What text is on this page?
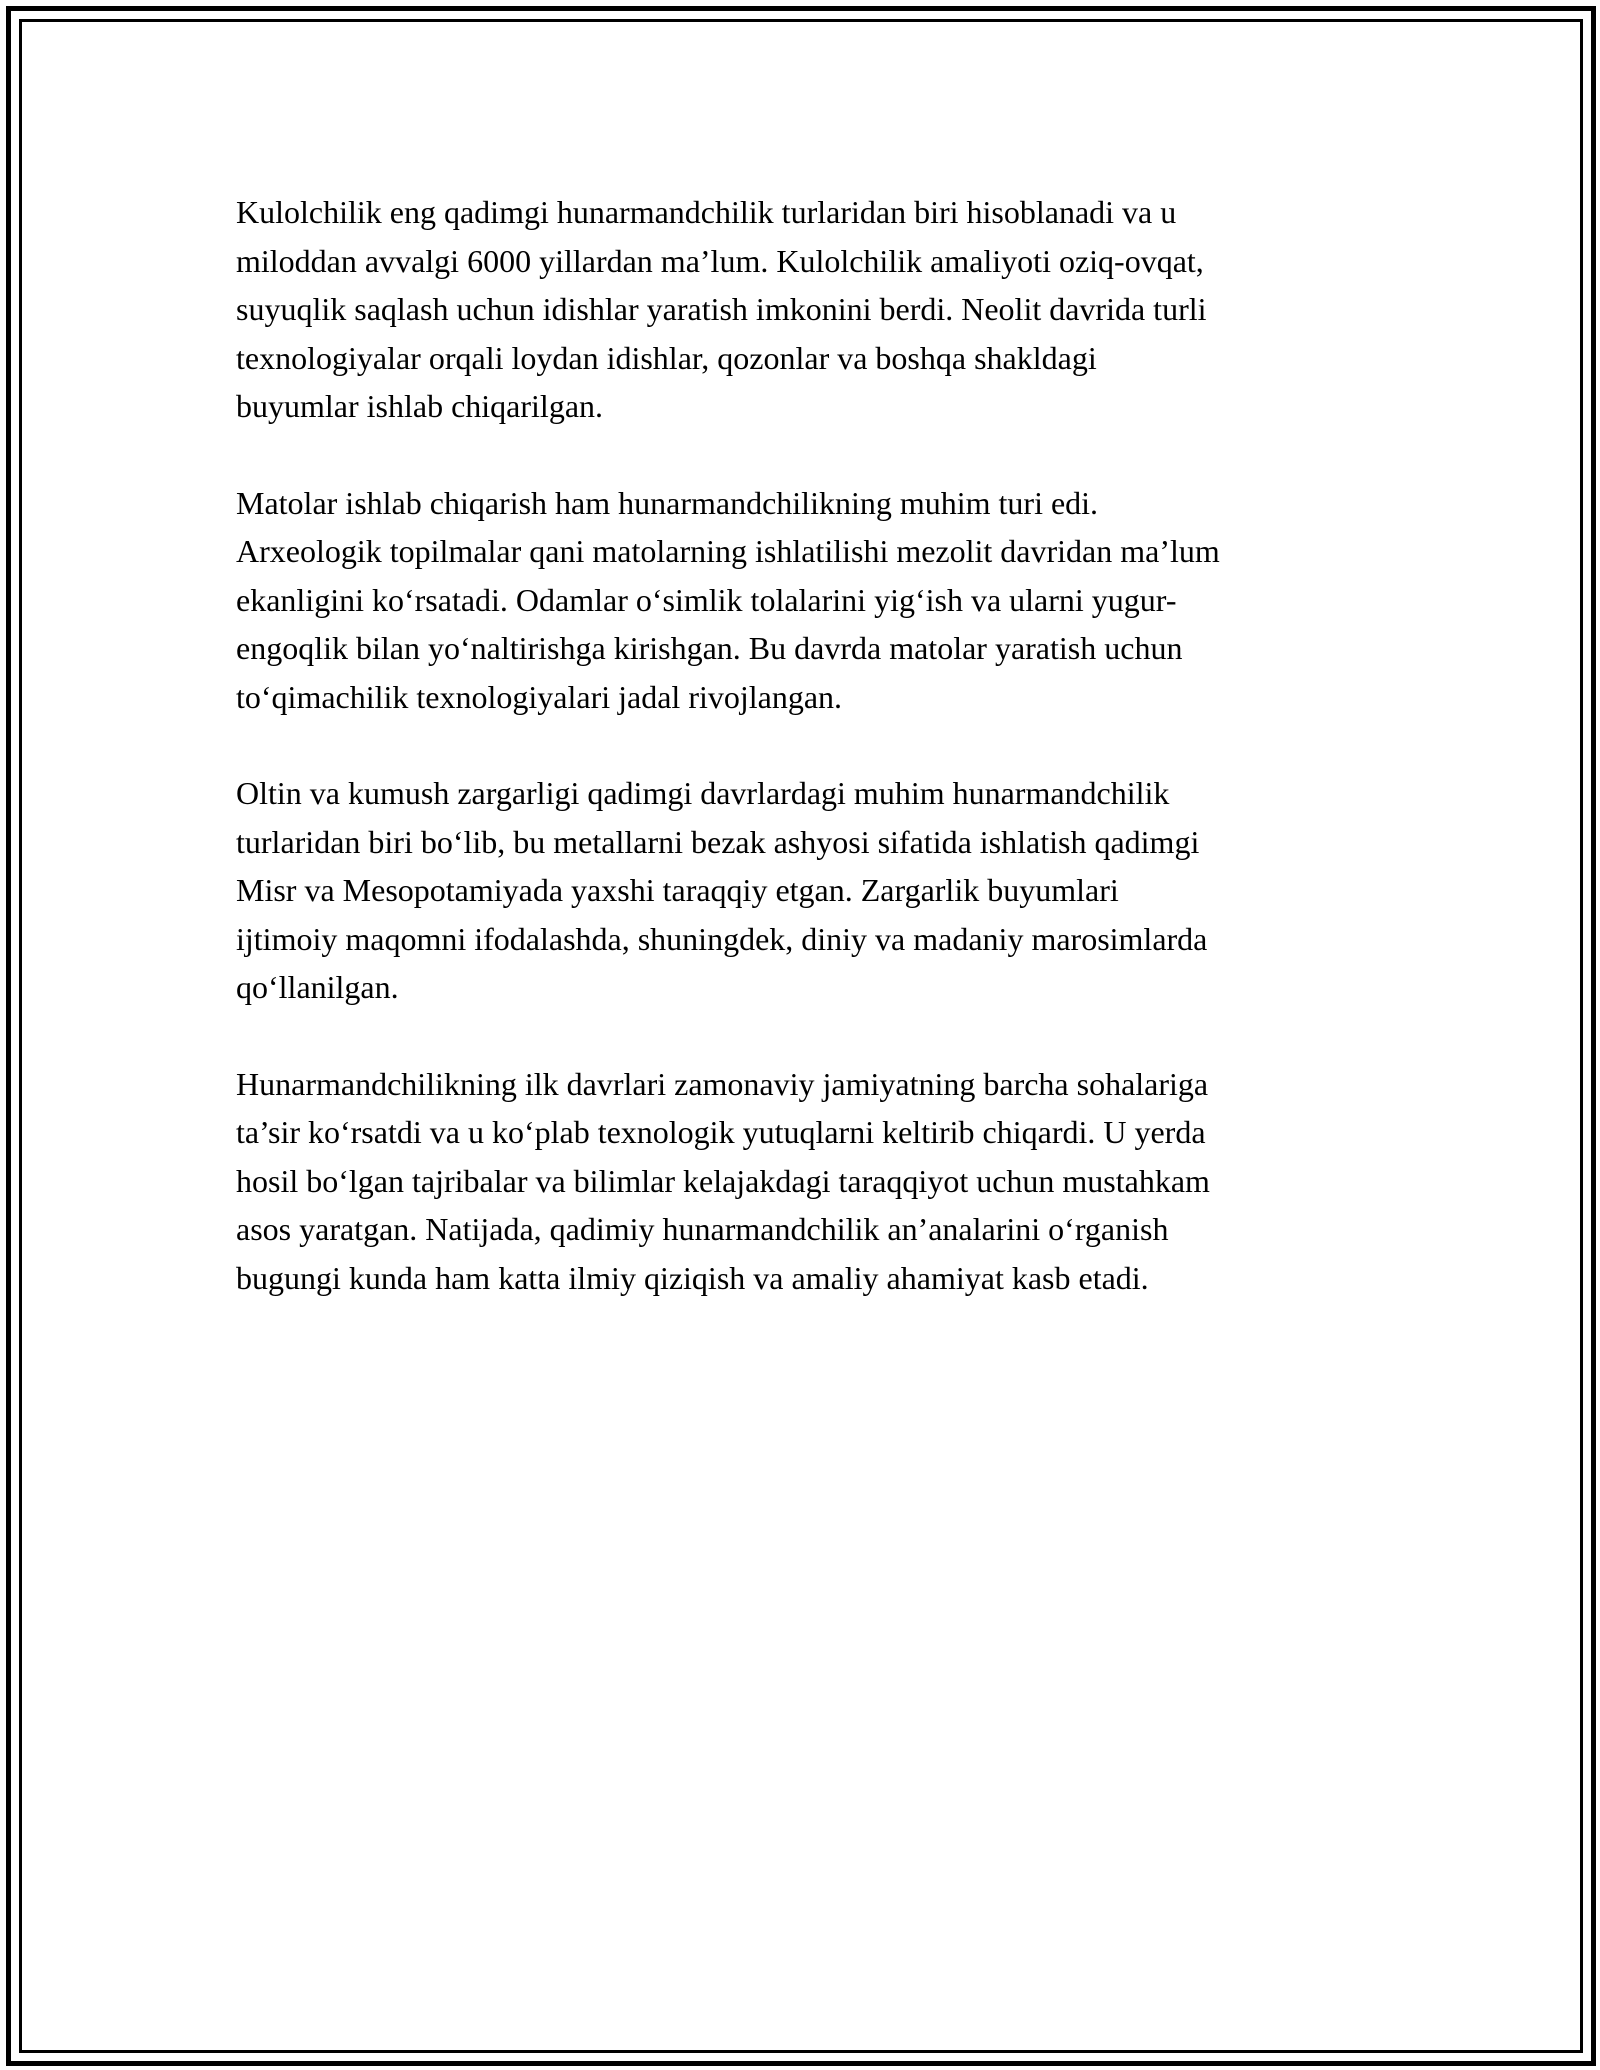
Kulolchilik eng qadimgi hunarmandchilik turlaridan biri hisoblanadi va u
miloddan avvalgi 6000 yillardan ma’lum. Kulolchilik amaliyoti oziq-ovqat,
suyuqlik saqlash uchun idishlar yaratish imkonini berdi. Neolit davrida turli
texnologiyalar orqali loydan idishlar, qozonlar va boshqa shakldagi
buyumlar ishlab chiqarilgan.

Matolar ishlab chiqarish ham hunarmandchilikning muhim turi edi.
Arxeologik topilmalar qani matolarning ishlatilishi mezolit davridan ma’lum
ekanligini ko‘rsatadi. Odamlar o‘simlik tolalarini yig‘ish va ularni yugur-
engoqlik bilan yo‘naltirishga kirishgan. Bu davrda matolar yaratish uchun
to‘qimachilik texnologiyalari jadal rivojlangan.

Oltin va kumush zargarligi qadimgi davrlardagi muhim hunarmandchilik
turlaridan biri bo‘lib, bu metallarni bezak ashyosi sifatida ishlatish qadimgi
Misr va Mesopotamiyada yaxshi taraqqiy etgan. Zargarlik buyumlari
ijtimoiy maqomni ifodalashda, shuningdek, diniy va madaniy marosimlarda
qo‘llanilgan.

Hunarmandchilikning ilk davrlari zamonaviy jamiyatning barcha sohalariga
ta’sir ko‘rsatdi va u ko‘plab texnologik yutuqlarni keltirib chiqardi. U yerda
hosil bo‘lgan tajribalar va bilimlar kelajakdagi taraqqiyot uchun mustahkam
asos yaratgan. Natijada, qadimiy hunarmandchilik an’analarini o‘rganish
bugungi kunda ham katta ilmiy qiziqish va amaliy ahamiyat kasb etadi.
